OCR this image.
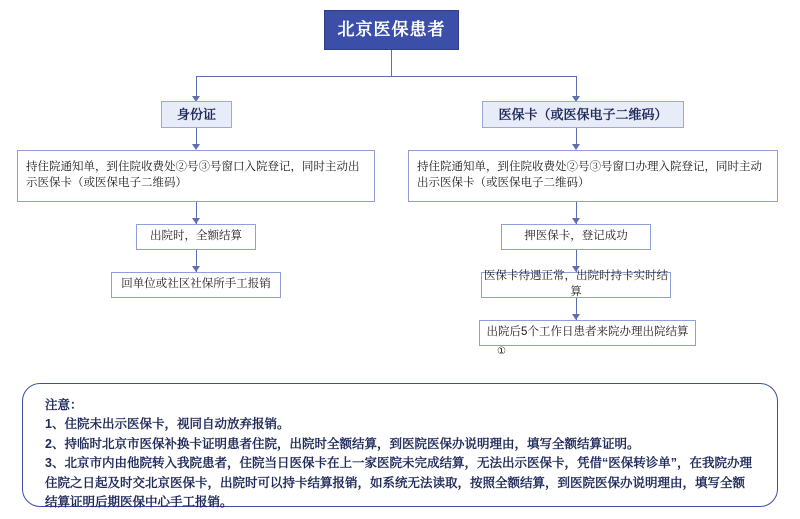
北京医保患者
身份证	医保卡（或医保电子二维码）
持住院通知单，到住院收费处②号③号窗口入院登记，同时主动出示医保卡（或医保电子二维码）
出院时，全额结算
回单位或社区社保所手工报销
持住院通知单，到住院收费处②号③号窗口办理入院登记，同时主动出示医保卡（或医保电子二维码）
押医保卡，登记成功
医保卡待遇正常，出院时持卡实时结算
出院后5个工作日患者来院办理出院结算
①
注意：
1、住院未出示医保卡，视同自动放弃报销。
2、持临时北京市医保补换卡证明患者住院，出院时全额结算，到医院医保办说明理由，填写全额结算证明。
3、北京市内由他院转入我院患者，住院当日医保卡在上一家医院未完成结算，无法出示医保卡，凭借“医保转诊单”，在我院办理住院之日起及时交北京医保卡，出院时可以持卡结算报销，如系统无法读取，按照全额结算，到医院医保办说明理由，填写全额结算证明后期医保中心手工报销。
